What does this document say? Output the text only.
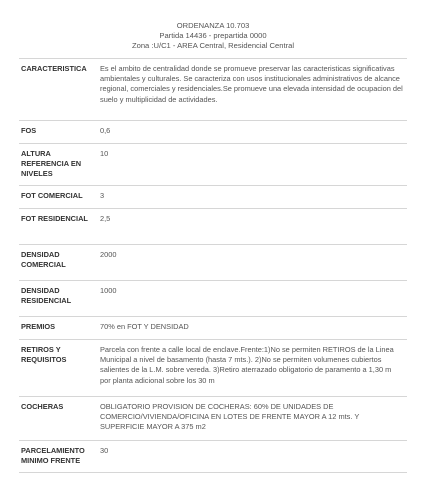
ORDENANZA 10.703
Partida 14436 - prepartida 0000
Zona :U/C1 - AREA Central, Residencial Central
CARACTERISTICA	Es el ambito de centralidad donde se promueve preservar las caracteristicas significativas ambientales y culturales. Se caracteriza con usos institucionales administrativos de alcance regional, comerciales y residenciales.Se promueve una elevada intensidad de ocupacion del suelo y multiplicidad de actividades.
FOS	0,6
ALTURA REFERENCIA EN NIVELES	10
FOT COMERCIAL	3
FOT RESIDENCIAL	2,5
DENSIDAD COMERCIAL	2000
DENSIDAD RESIDENCIAL	1000
PREMIOS	70% en FOT Y DENSIDAD
RETIROS Y REQUISITOS	Parcela con frente a calle local de enclave.Frente:1)No se permiten RETIROS de la Linea Municipal a nivel de basamento (hasta 7 mts.). 2)No se permiten volumenes cubiertos salientes de la L.M. sobre vereda. 3)Retiro aterrazado obligatorio de paramento a 1,30 m por planta adicional sobre los 30 m
COCHERAS	OBLIGATORIO PROVISION DE COCHERAS: 60% DE UNIDADES DE COMERCIO/VIVIENDA/OFICINA EN LOTES DE FRENTE MAYOR A 12 mts. Y SUPERFICIE MAYOR A 375 m2
PARCELAMIENTO MINIMO FRENTE	30
